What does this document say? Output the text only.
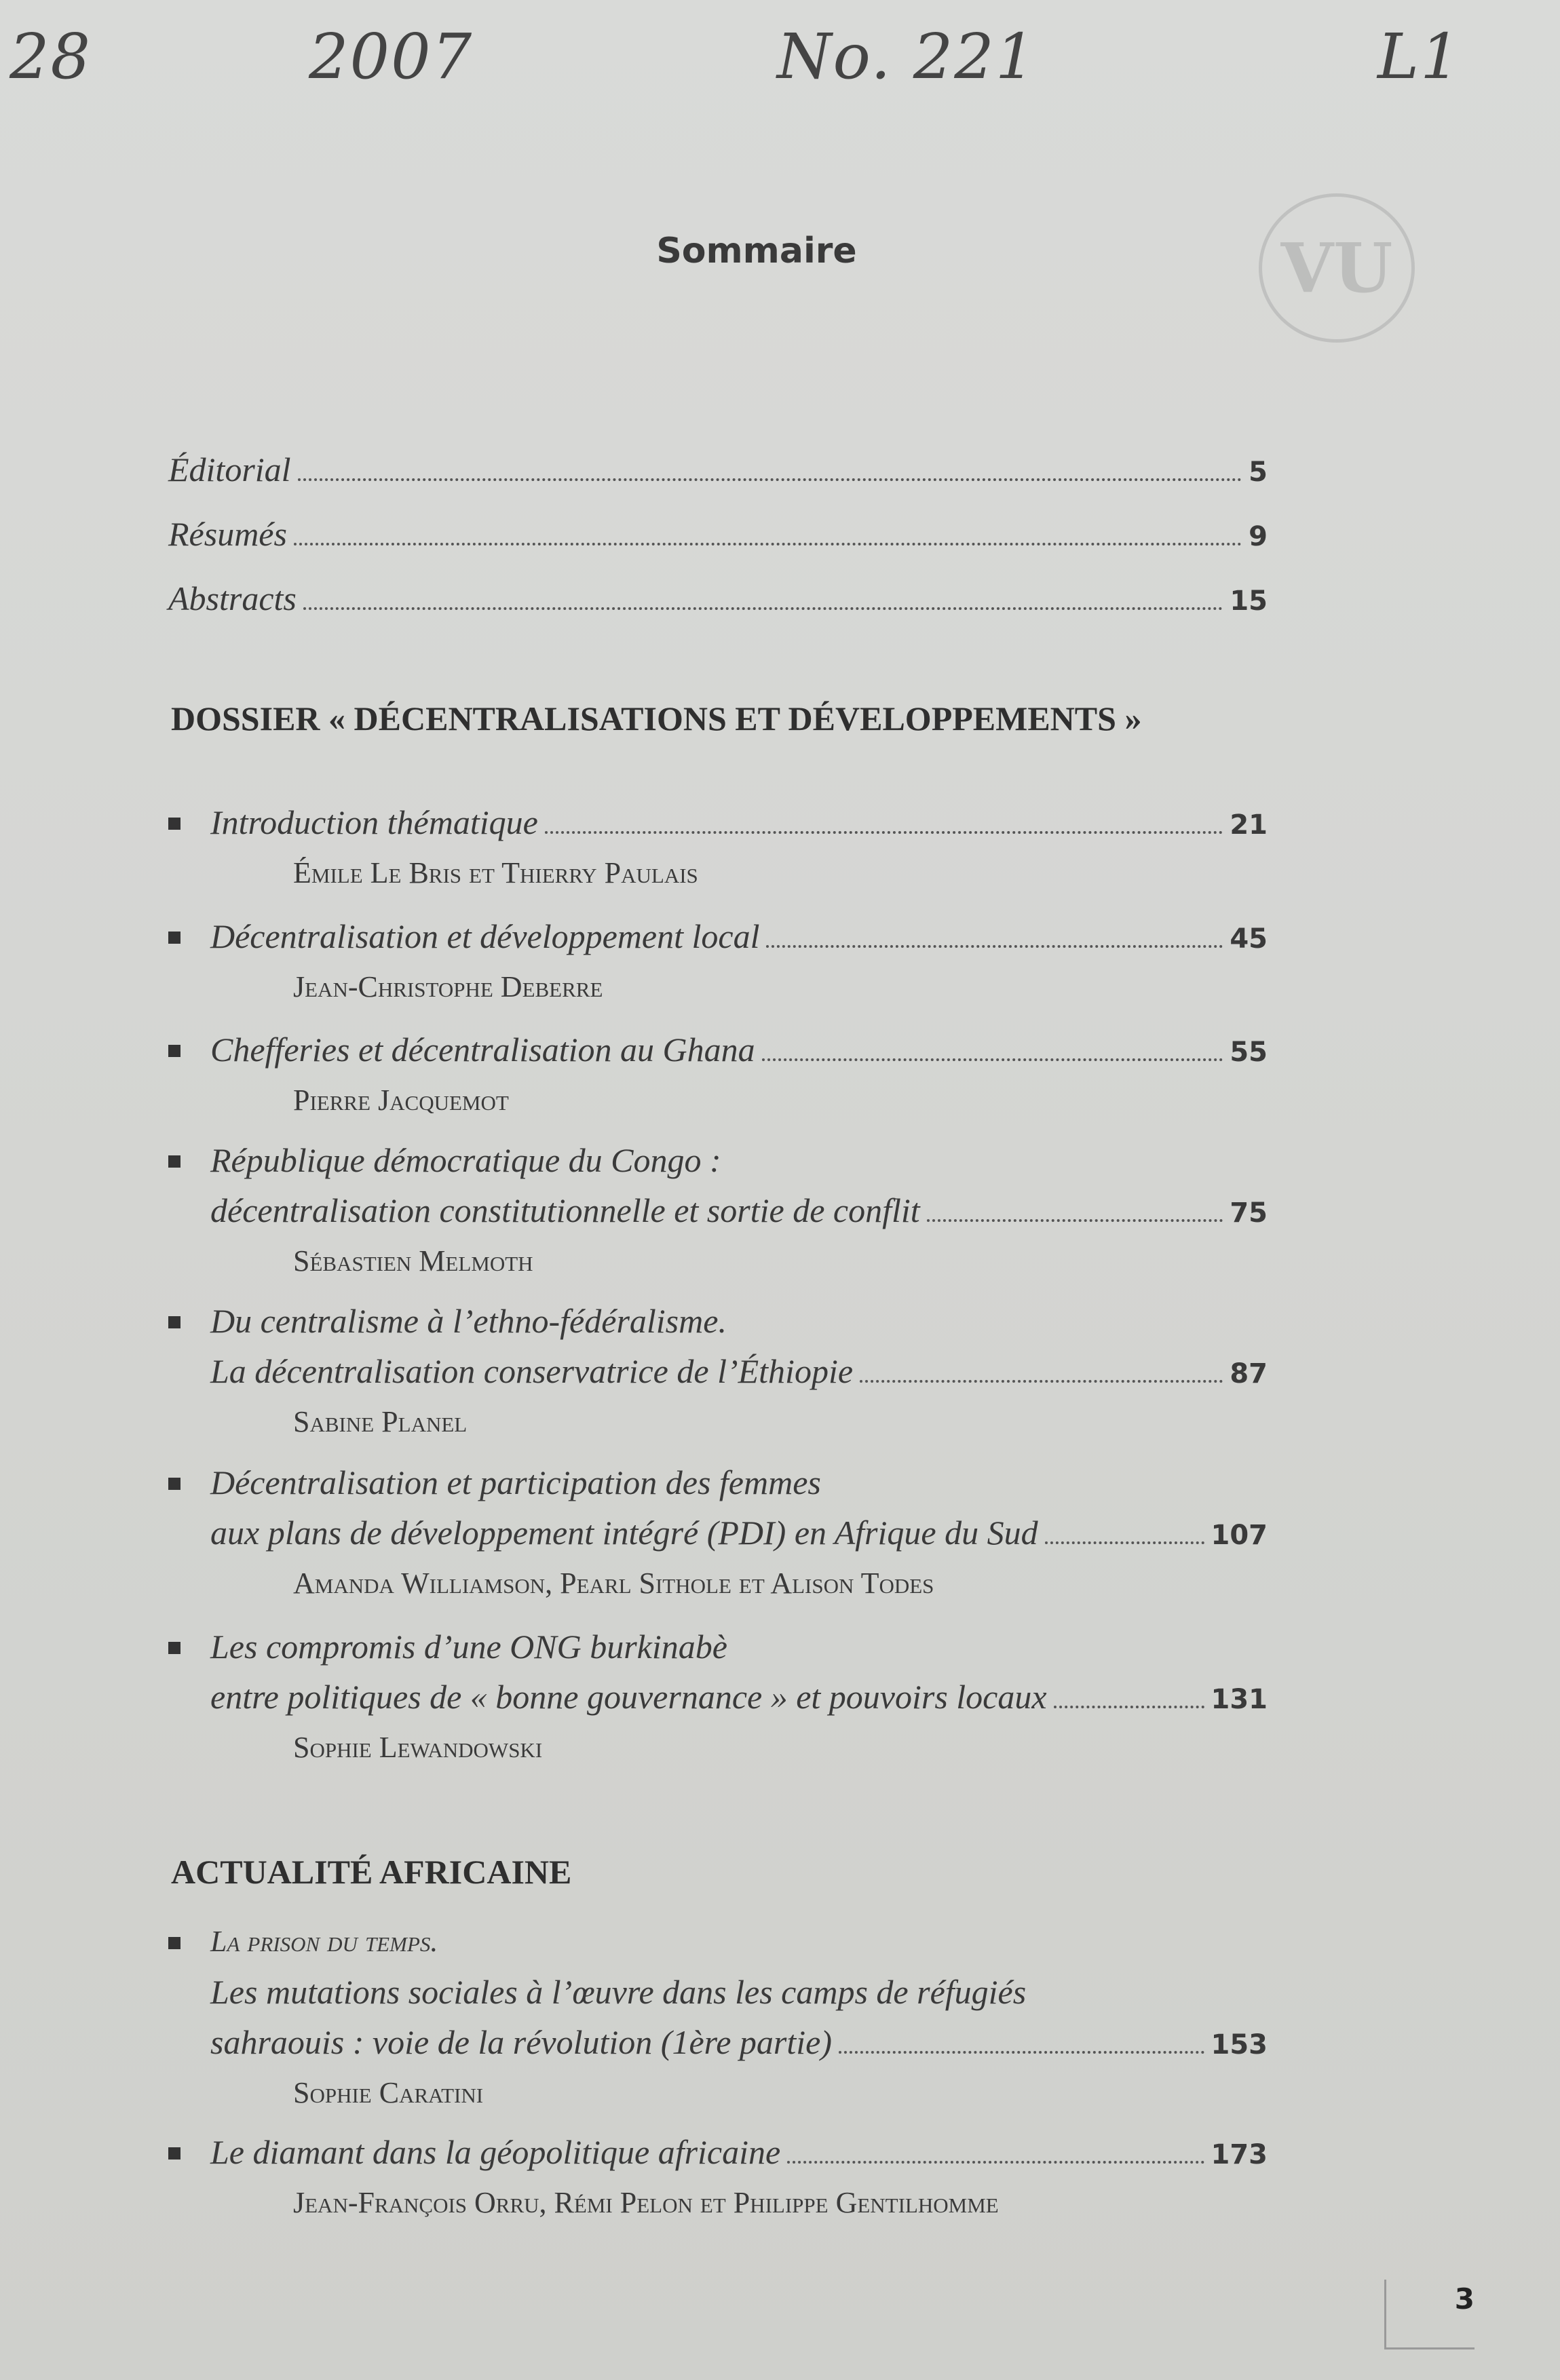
28	2007	No. 221	L1
VU
Sommaire
Éditorial	5
Résumés	9
Abstracts	15
DOSSIER « DÉCENTRALISATIONS ET DÉVELOPPEMENTS »
Introduction thématique	21
Émile Le Bris et Thierry Paulais
Décentralisation et développement local	45
Jean-Christophe Deberre
Chefferies et décentralisation au Ghana	55
Pierre Jacquemot
République démocratique du Congo :
décentralisation constitutionnelle et sortie de conflit	75
Sébastien Melmoth
Du centralisme à l’ethno-fédéralisme.
La décentralisation conservatrice de l’Éthiopie	87
Sabine Planel
Décentralisation et participation des femmes
aux plans de développement intégré (PDI) en Afrique du Sud	107
Amanda Williamson, Pearl Sithole et Alison Todes
Les compromis d’une ONG burkinabè
entre politiques de « bonne gouvernance » et pouvoirs locaux	131
Sophie Lewandowski
ACTUALITÉ AFRICAINE
La prison du temps.
Les mutations sociales à l’œuvre dans les camps de réfugiés
sahraouis : voie de la révolution (1ère partie)	153
Sophie Caratini
Le diamant dans la géopolitique africaine	173
Jean-François Orru, Rémi Pelon et Philippe Gentilhomme
3
